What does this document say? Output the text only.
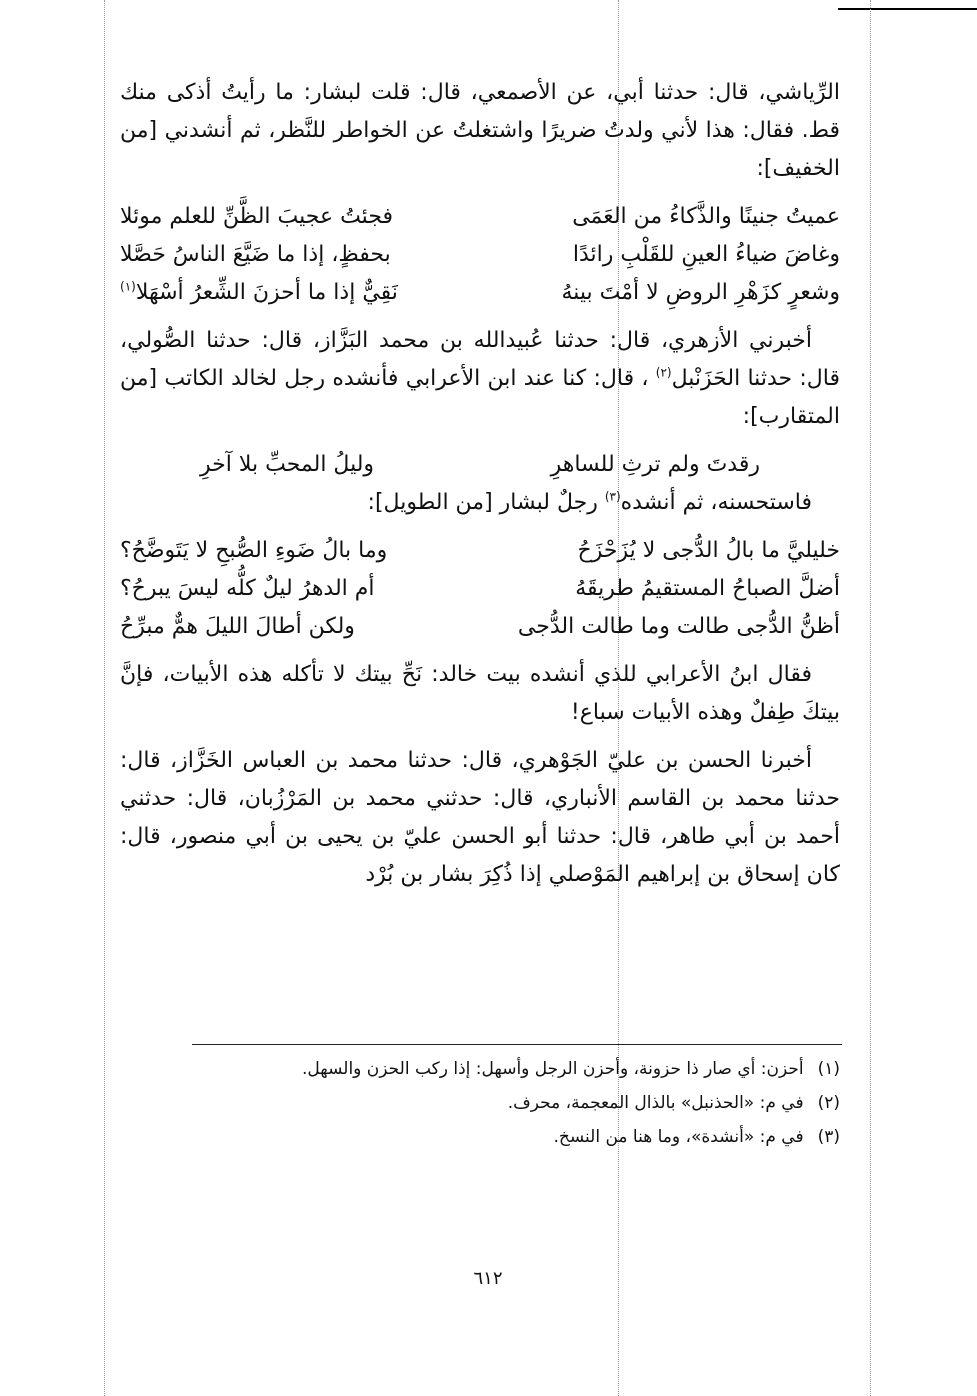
الرِّياشي، قال: حدثنا أبي، عن الأصمعي، قال: قلت لبشار: ما رأيتُ أذكى منك قط. فقال: هذا لأني ولدتُ ضريرًا واشتغلتُ عن الخواطر للنَّظر، ثم أنشدني [من الخفيف]:

عميتُ جنينًا والذَّكاءُ من العَمَى
فجئتُ عجيبَ الظَّنِّ للعلم موئلا
وغاضَ ضياءُ العينِ للقَلْبِ رائدًا
بحفظٍ، إذا ما ضَيَّعَ الناسُ حَصَّلا
وشعرٍ كزَهْرِ الروضِ لا أمْتَ بينهُ
نَقِيٌّ إذا ما أحزنَ الشِّعرُ أسْهَلا$^{(١)}$

أخبرني الأزهري، قال: حدثنا عُبيدالله بن محمد البَزَّاز، قال: حدثنا الصُّولي، قال: حدثنا الحَزَنْبل$^{(٢)}$ ، قال: كنا عند ابن الأعرابي فأنشده رجل لخالد الكاتب [من المتقارب]:

رقدتَ ولم ترثِ للساهرِ
وليلُ المحبِّ بلا آخرِ

فاستحسنه، ثم أنشده$^{(٣)}$ رجلٌ لبشار [من الطويل]:

خليليَّ ما بالُ الدُّجى لا يُزَحْزَحُ
وما بالُ ضَوءِ الصُّبحِ لا يَتَوضَّحُ؟
أضلَّ الصباحُ المستقيمُ طريقَهُ
أم الدهرُ ليلٌ كلُّه ليسَ يبرحُ؟
أظنُّ الدُّجى طالت وما طالت الدُّجى
ولكن أطالَ الليلَ همٌّ مبرِّحُ

فقال ابنُ الأعرابي للذي أنشده بيت خالد: نَحِّ بيتك لا تأكله هذه الأبيات، فإنَّ بيتكَ طِفلٌ وهذه الأبيات سباع!

أخبرنا الحسن بن عليّ الجَوْهري، قال: حدثنا محمد بن العباس الخَزَّاز، قال: حدثنا محمد بن القاسم الأنباري، قال: حدثني محمد بن المَرْزُبان، قال: حدثني أحمد بن أبي طاهر، قال: حدثنا أبو الحسن عليّ بن يحيى بن أبي منصور، قال: كان إسحاق بن إبراهيم المَوْصلي إذا ذُكِرَ بشار بن بُرْد

(١)أحزن: أي صار ذا حزونة، وأحزن الرجل وأسهل: إذا ركب الحزن والسهل.
(٢)في م: «الحذنبل» بالذال المعجمة، محرف.
(٣)في م: «أنشدة»، وما هنا من النسخ.
٦١٢
